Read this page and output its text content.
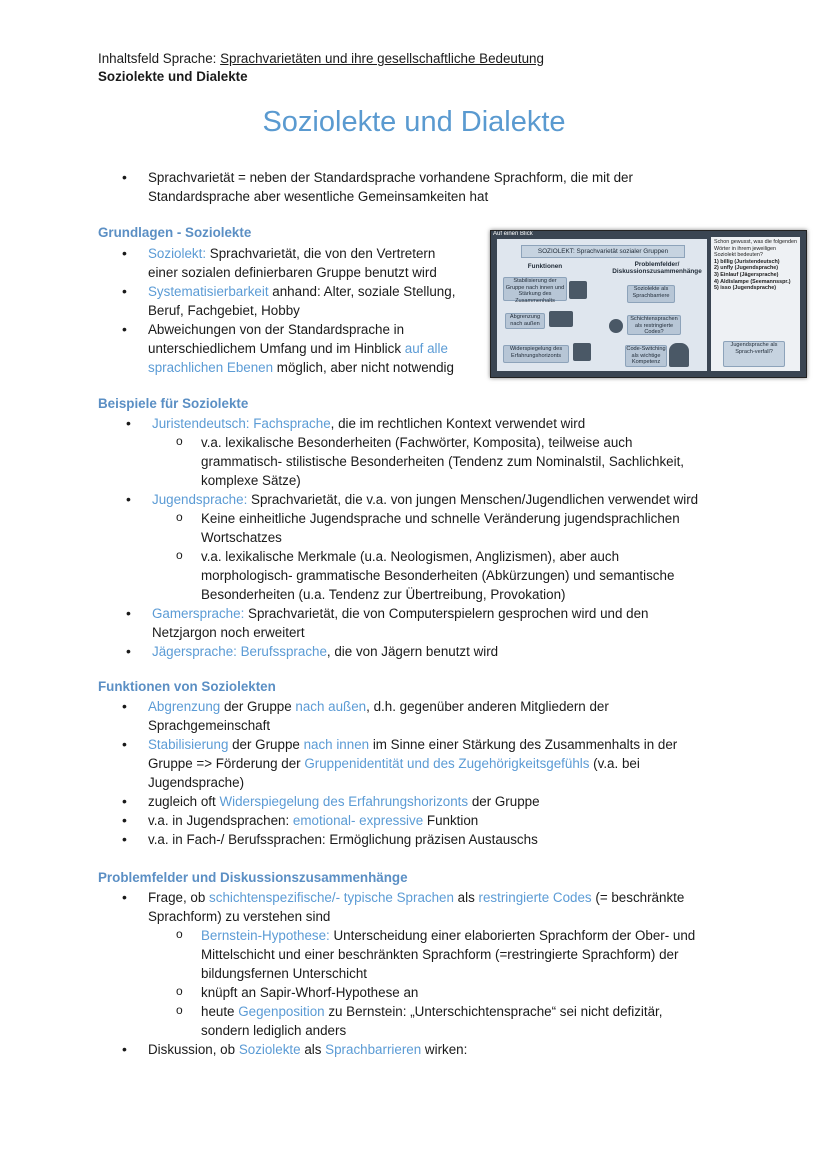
Inhaltsfeld Sprache: Sprachvarietäten und ihre gesellschaftliche Bedeutung
Soziolekte und Dialekte
Soziolekte und Dialekte
• Sprachvarietät = neben der Standardsprache vorhandene Sprachform, die mit der
Standardsprache aber wesentliche Gemeinsamkeiten hat
Grundlagen - Soziolekte
• Soziolekt: Sprachvarietät, die von den Vertretern
einer sozialen definierbaren Gruppe benutzt wird
• Systematisierbarkeit anhand: Alter, soziale Stellung,
Beruf, Fachgebiet, Hobby
• Abweichungen von der Standardsprache in
unterschiedlichem Umfang und im Hinblick auf alle
sprachlichen Ebenen möglich, aber nicht notwendig
Auf einen Blick
SOZIOLEKT: Sprachvarietät sozialer Gruppen
Funktionen	Problemfelder/
Diskussionszusammenhänge
Stabilisierung der Gruppe nach innen und Stärkung des Zusammenhalts
Abgrenzung nach außen
Widerspiegelung des Erfahrungshorizonts
Soziolekte als Sprachbarriere
Schichtensprachen als restringierte Codes?
Code-Switching als wichtige Kompetenz
Schon gewusst, was die folgenden Wörter in ihrem jeweiligen Soziolekt bedeuten?
1) billig (Juristendeutsch)
2) unfly (Jugendsprache)
3) Einlauf (Jägersprache)
4) Aldislampe (Seemannsspr.)
5) isso (Jugendsprache)
Jugendsprache als Sprach-verfall?
Beispiele für Soziolekte
• Juristendeutsch: Fachsprache, die im rechtlichen Kontext verwendet wird
o v.a. lexikalische Besonderheiten (Fachwörter, Komposita), teilweise auch
grammatisch- stilistische Besonderheiten (Tendenz zum Nominalstil, Sachlichkeit,
komplexe Sätze)
• Jugendsprache: Sprachvarietät, die v.a. von jungen Menschen/Jugendlichen verwendet wird
o Keine einheitliche Jugendsprache und schnelle Veränderung jugendsprachlichen
Wortschatzes
o v.a. lexikalische Merkmale (u.a. Neologismen, Anglizismen), aber auch
morphologisch- grammatische Besonderheiten (Abkürzungen) und semantische
Besonderheiten (u.a. Tendenz zur Übertreibung, Provokation)
• Gamersprache: Sprachvarietät, die von Computerspielern gesprochen wird und den
Netzjargon noch erweitert
• Jägersprache: Berufssprache, die von Jägern benutzt wird
Funktionen von Soziolekten
• Abgrenzung der Gruppe nach außen, d.h. gegenüber anderen Mitgliedern der
Sprachgemeinschaft
• Stabilisierung der Gruppe nach innen im Sinne einer Stärkung des Zusammenhalts in der
Gruppe => Förderung der Gruppenidentität und des Zugehörigkeitsgefühls (v.a. bei
Jugendsprache)
• zugleich oft Widerspiegelung des Erfahrungshorizonts der Gruppe
• v.a. in Jugendsprachen: emotional- expressive Funktion
• v.a. in Fach-/ Berufssprachen: Ermöglichung präzisen Austauschs
Problemfelder und Diskussionszusammenhänge
• Frage, ob schichtenspezifische/- typische Sprachen als restringierte Codes (= beschränkte
Sprachform) zu verstehen sind
o Bernstein-Hypothese: Unterscheidung einer elaborierten Sprachform der Ober- und
Mittelschicht und einer beschränkten Sprachform (=restringierte Sprachform) der
bildungsfernen Unterschicht
o knüpft an Sapir-Whorf-Hypothese an
o heute Gegenposition zu Bernstein: „Unterschichtensprache“ sei nicht defizitär,
sondern lediglich anders
• Diskussion, ob Soziolekte als Sprachbarrieren wirken:
